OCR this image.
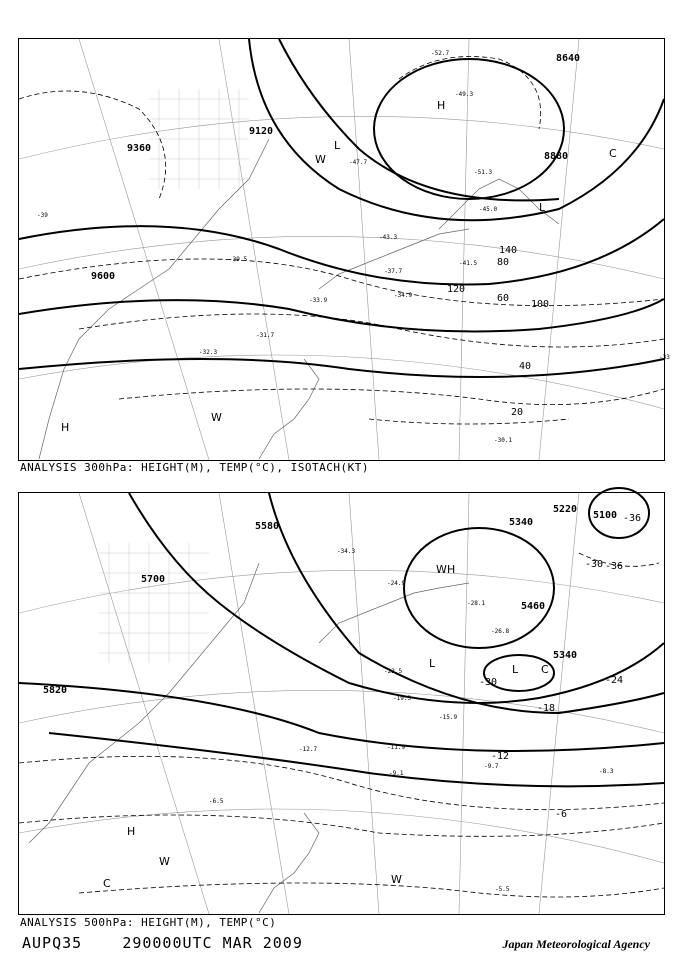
8640
8880
9120
9360
9600
20
40
60
80
100
120
140
-52.7
-49.3
-51.3
-47.7
-45.0
-43.3
-41.5
-39.5
-37.7
-34.9
-33.9
-32.3
-31.7
-30.1
-39
-33
H
L
W	C
L
H
W
ANALYSIS 300hPa: HEIGHT(M), TEMP(°C), ISOTACH(KT)
5100
5220
5340
5460
5580
5700
5820
5340
-36
-30
-24
-18
-12
-6
-30
-36
-34.3
-28.1
-26.8
-24.9
-22.5
-19.3
-15.9
-12.7	-11.9
-9.7
-9.1	-8.3
-6.5
-5.5
H
L	L C
W
H
W
C	W
ANALYSIS 500hPa: HEIGHT(M), TEMP(°C)
AUPQ35	290000UTC MAR 2009	Japan Meteorological Agency
